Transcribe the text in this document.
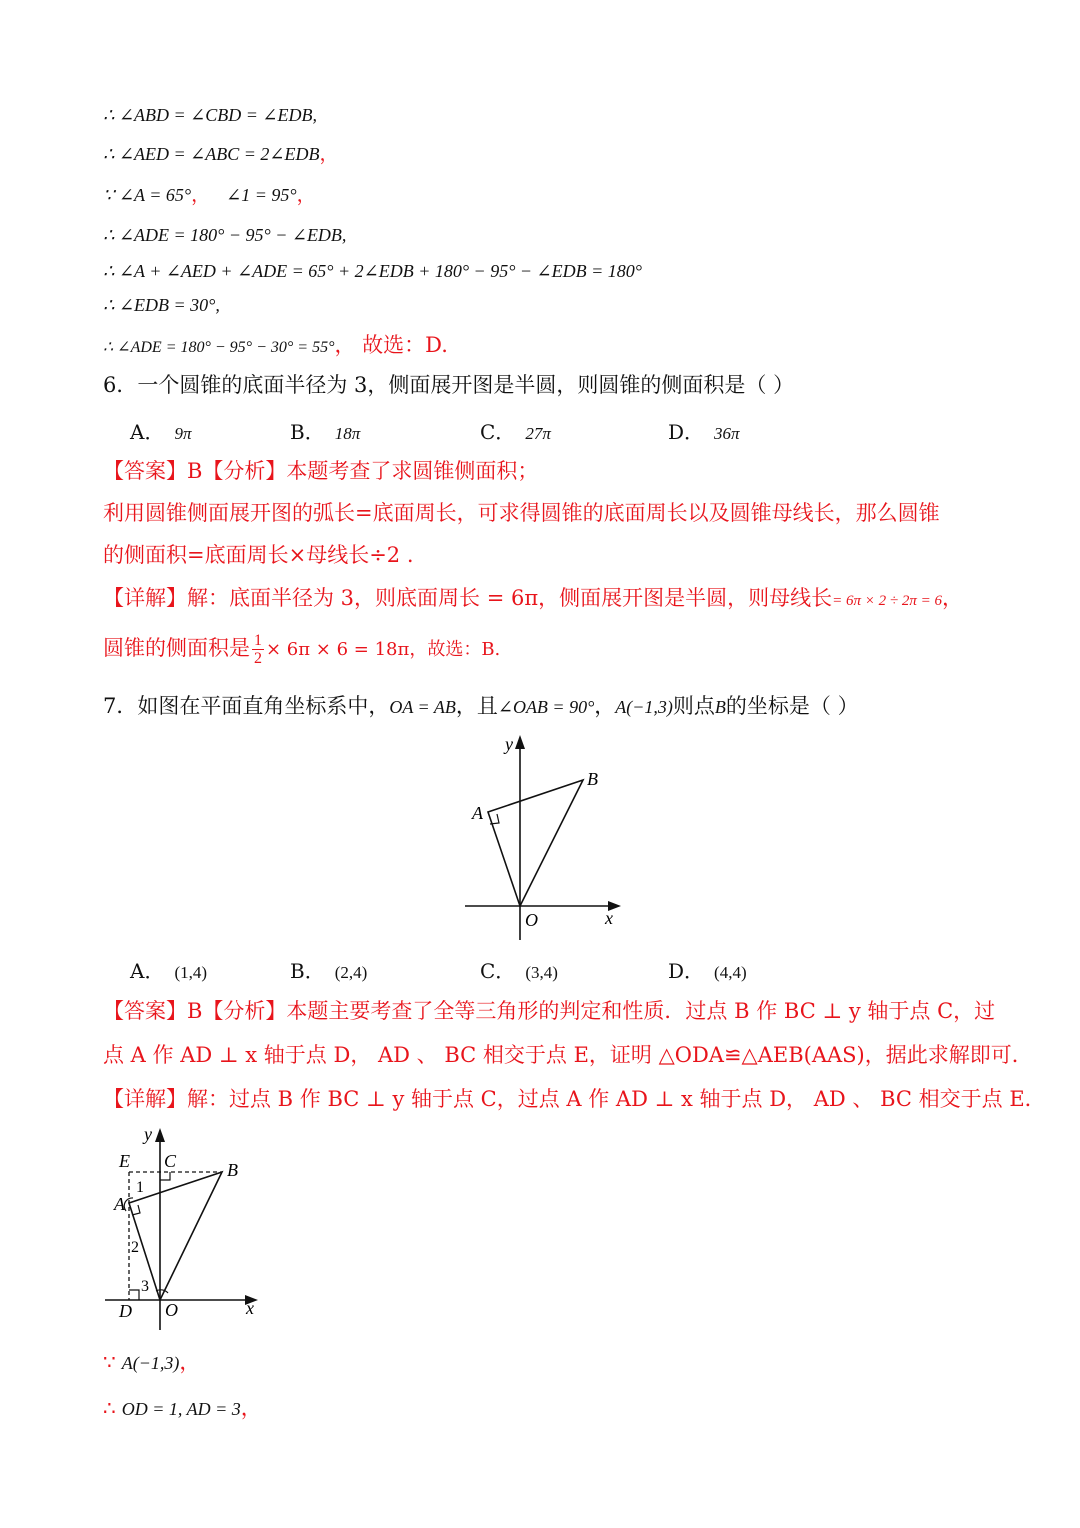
∴ ∠ABD = ∠CBD = ∠EDB,
∴ ∠AED = ∠ABC = 2∠EDB，
∵ ∠A = 65°， ∠1 = 95°，
∴ ∠ADE = 180° − 95° − ∠EDB,
∴ ∠A + ∠AED + ∠ADE = 65° + 2∠EDB + 180° − 95° − ∠EDB = 180°
∴ ∠EDB = 30°,
∴ ∠ADE = 180° − 95° − 30° = 55°， 故选：D.
6．一个圆锥的底面半径为 3，侧面展开图是半圆，则圆锥的侧面积是（ ）
A． 9π	B． 18π	C． 27π	D． 36π
【答案】B【分析】本题考查了求圆锥侧面积；
利用圆锥侧面展开图的弧长=底面周长，可求得圆锥的底面周长以及圆锥母线长，那么圆锥
的侧面积=底面周长×母线长÷2 .
【详解】解：底面半径为 3，则底面周长 = 6π，侧面展开图是半圆，则母线长= 6π × 2 ÷ 2π = 6，
圆锥的侧面积是 $\frac{1}{2} \times 6\pi \times 6 = 18\pi$，故选：B.
7．如图在平面直角坐标系中，OA = AB，且∠OAB = 90°，A(−1,3)则点B的坐标是（ ）
y
x
O
A
B
A． (1,4)	B． (2,4)	C． (3,4)	D． (4,4)
【答案】B【分析】本题主要考查了全等三角形的判定和性质．过点 B 作 BC ⊥ y 轴于点 C，过
点 A 作 AD ⊥ x 轴于点 D， AD 、 BC 相交于点 E，证明 △ODA≌△AEB(AAS)，据此求解即可．
【详解】解：过点 B 作 BC ⊥ y 轴于点 C，过点 A 作 AD ⊥ x 轴于点 D， AD 、 BC 相交于点 E．
y
x
O
A
B
C
D
E
1
2
3
∵ A(−1,3)，
∴ OD = 1, AD = 3，
